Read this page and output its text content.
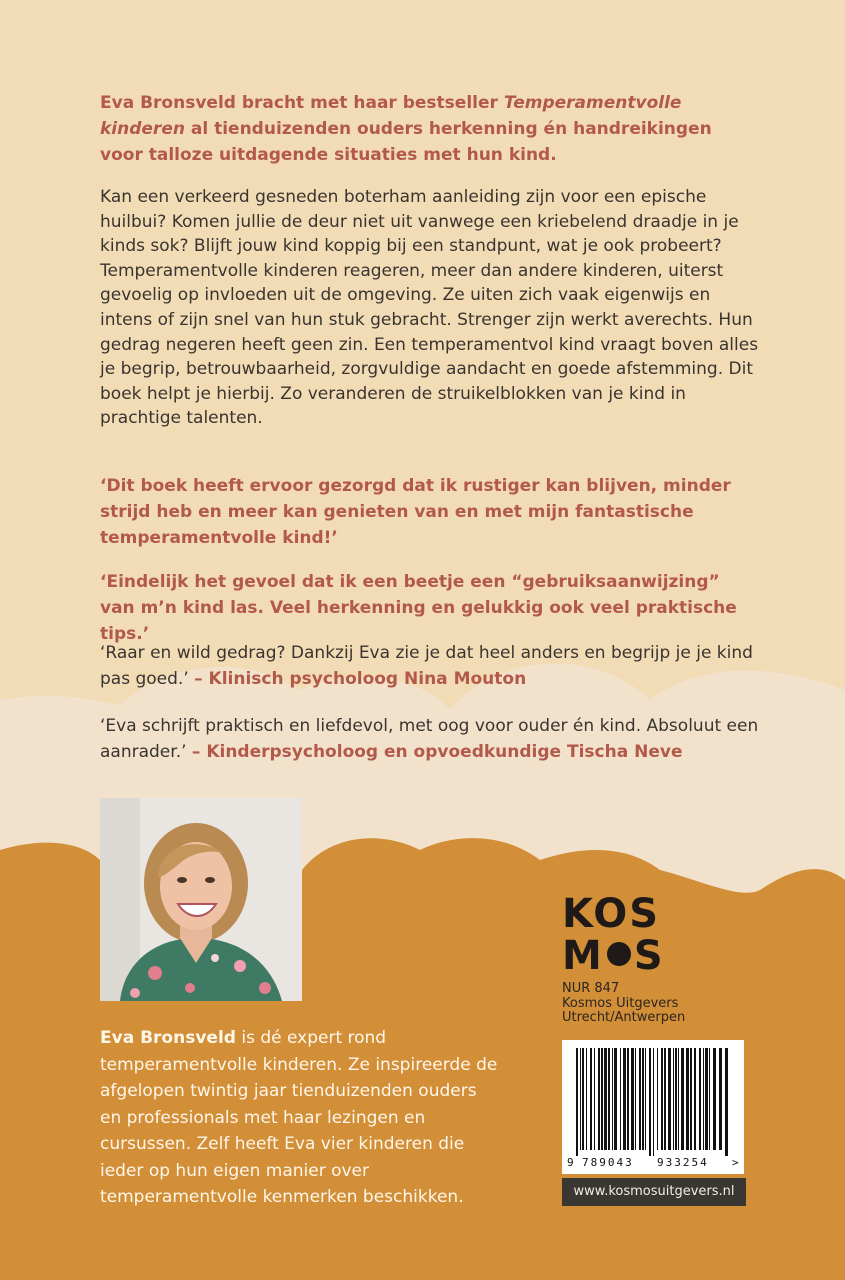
Eva Bronsveld bracht met haar bestseller Temperamentvolle kinderen al tienduizenden ouders herkenning én handreikingen voor talloze uitdagende situaties met hun kind.
Kan een verkeerd gesneden boterham aanleiding zijn voor een epische huilbui? Komen jullie de deur niet uit vanwege een kriebelend draadje in je kinds sok? Blijft jouw kind koppig bij een standpunt, wat je ook probeert? Temperamentvolle kinderen reageren, meer dan andere kinderen, uiterst gevoelig op invloeden uit de omgeving. Ze uiten zich vaak eigenwijs en intens of zijn snel van hun stuk gebracht. Strenger zijn werkt averechts. Hun gedrag negeren heeft geen zin. Een temperamentvol kind vraagt boven alles je begrip, betrouwbaarheid, zorgvuldige aandacht en goede afstemming. Dit boek helpt je hierbij. Zo veranderen de struikelblokken van je kind in prachtige talenten.
‘Dit boek heeft ervoor gezorgd dat ik rustiger kan blijven, minder strijd heb en meer kan genieten van en met mijn fantastische temperamentvolle kind!’
‘Eindelijk het gevoel dat ik een beetje een “gebruiksaanwijzing” van m’n kind las. Veel herkenning en gelukkig ook veel praktische tips.’
‘Raar en wild gedrag? Dankzij Eva zie je dat heel anders en begrijp je je kind pas goed.’ – Klinisch psycholoog Nina Mouton
‘Eva schrijft praktisch en liefdevol, met oog voor ouder én kind. Absoluut een aanrader.’ – Kinderpsycholoog en opvoedkundige Tischa Neve
Eva Bronsveld is dé expert rond temperamentvolle kinderen. Ze inspireerde de afgelopen twintig jaar tienduizenden ouders en professionals met haar lezingen en cursussen. Zelf heeft Eva vier kinderen die ieder op hun eigen manier over temperamentvolle kenmerken beschikken.
KOS
M S
NUR 847
Kosmos Uitgevers
Utrecht/Antwerpen
9 789043 933254 >
www.kosmosuitgevers.nl
